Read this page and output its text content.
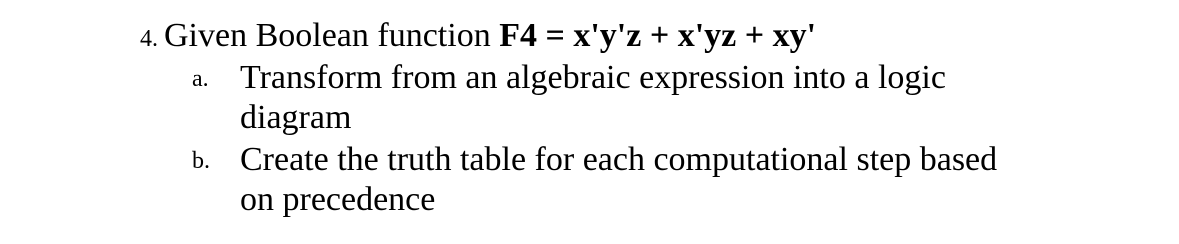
4. Given Boolean function F4 = x'y'z + x'yz + xy'
a. Transform from an algebraic expression into a logic
diagram
b. Create the truth table for each computational step based
on precedence
